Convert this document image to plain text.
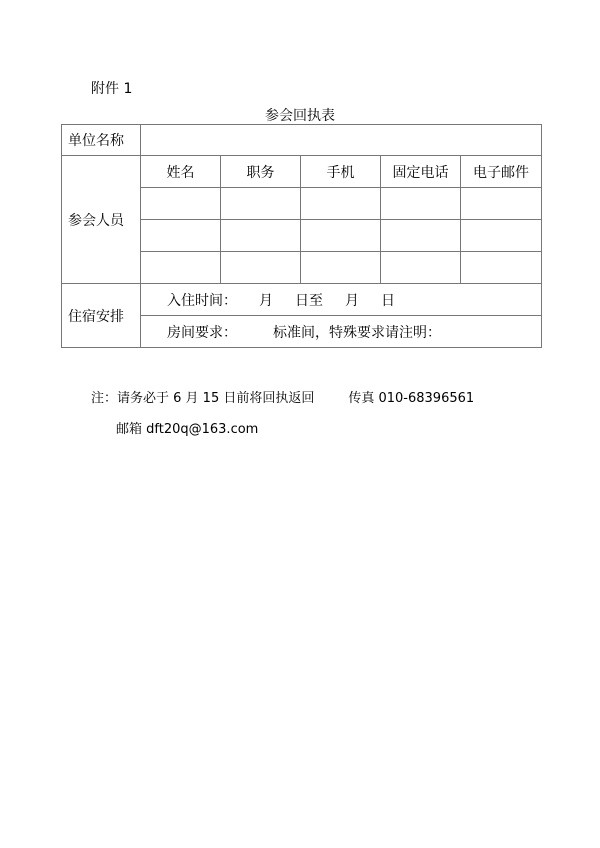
附件 1
参会回执表
单位名称					
参会人员	姓名	职务	手机	固定电话	电子邮件

住宿安排	入住时间： 月 日至 月 日				
	房间要求： 标准间，特殊要求请注明：				
注：请务必于 6 月 15 日前将回执返回	传真 010-68396561
邮箱 dft20q@163.com
